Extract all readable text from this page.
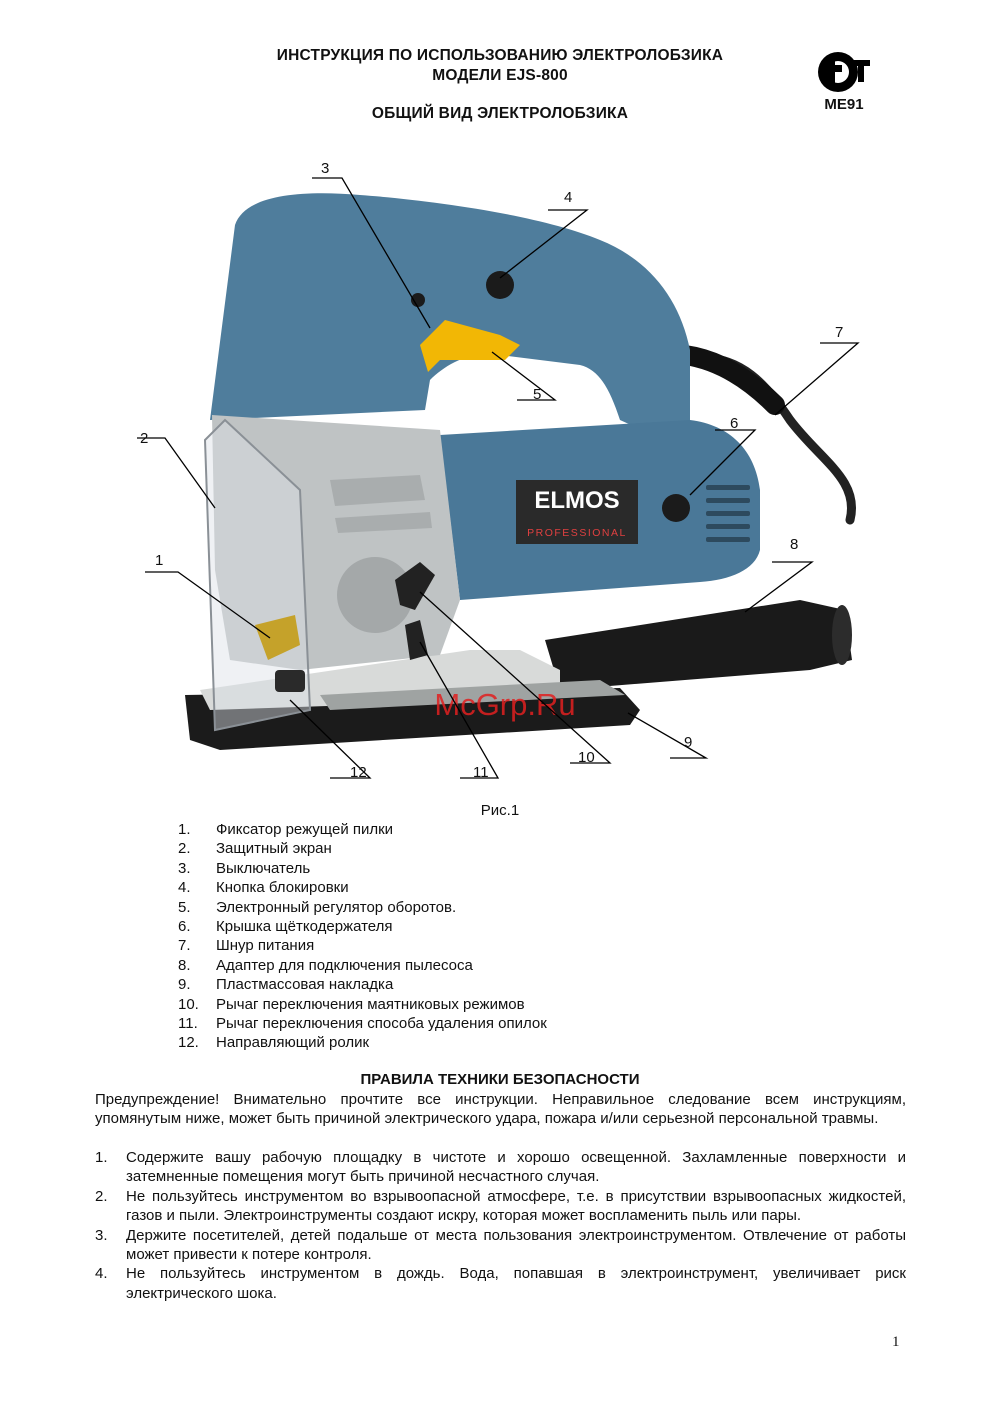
ИНСТРУКЦИЯ ПО ИСПОЛЬЗОВАНИЮ ЭЛЕКТРОЛОБЗИКА
МОДЕЛИ EJS-800
ОБЩИЙ ВИД ЭЛЕКТРОЛОБЗИКА
МЕ91
ELMOS
PROFESSIONAL
McGrp.Ru
1
2
3
4
5
6
7
8
9
10
11
12
Рис.1
1.	Фиксатор режущей пилки
2.	Защитный экран
3.	Выключатель
4.	Кнопка блокировки
5.	Электронный регулятор оборотов.
6.	Крышка щёткодержателя
7.	Шнур питания
8.	Адаптер для подключения пылесоса
9.	Пластмассовая накладка
10.	Рычаг переключения маятниковых режимов
11.	Рычаг переключения способа удаления опилок
12.	Направляющий ролик
ПРАВИЛА ТЕХНИКИ БЕЗОПАСНОСТИ

Предупреждение! Внимательно прочтите все инструкции. Неправильное следование всем инструкциям, упомянутым ниже, может быть причиной электрического удара, пожара и/или серьезной персональной травмы.

1.	Содержите вашу рабочую площадку в чистоте и хорошо освещенной. Захламленные поверхности и затемненные помещения могут быть причиной несчастного случая.
2.	Не пользуйтесь инструментом во взрывоопасной атмосфере, т.е. в присутствии взрывоопасных жидкостей, газов и пыли. Электроинструменты создают искру, которая может воспламенить пыль или пары.
3.	Держите посетителей, детей подальше от места пользования электроинструментом. Отвлечение от работы может привести к потере контроля.
4.	Не пользуйтесь инструментом в дождь. Вода, попавшая в электроинструмент, увеличивает риск электрического шока.
1
